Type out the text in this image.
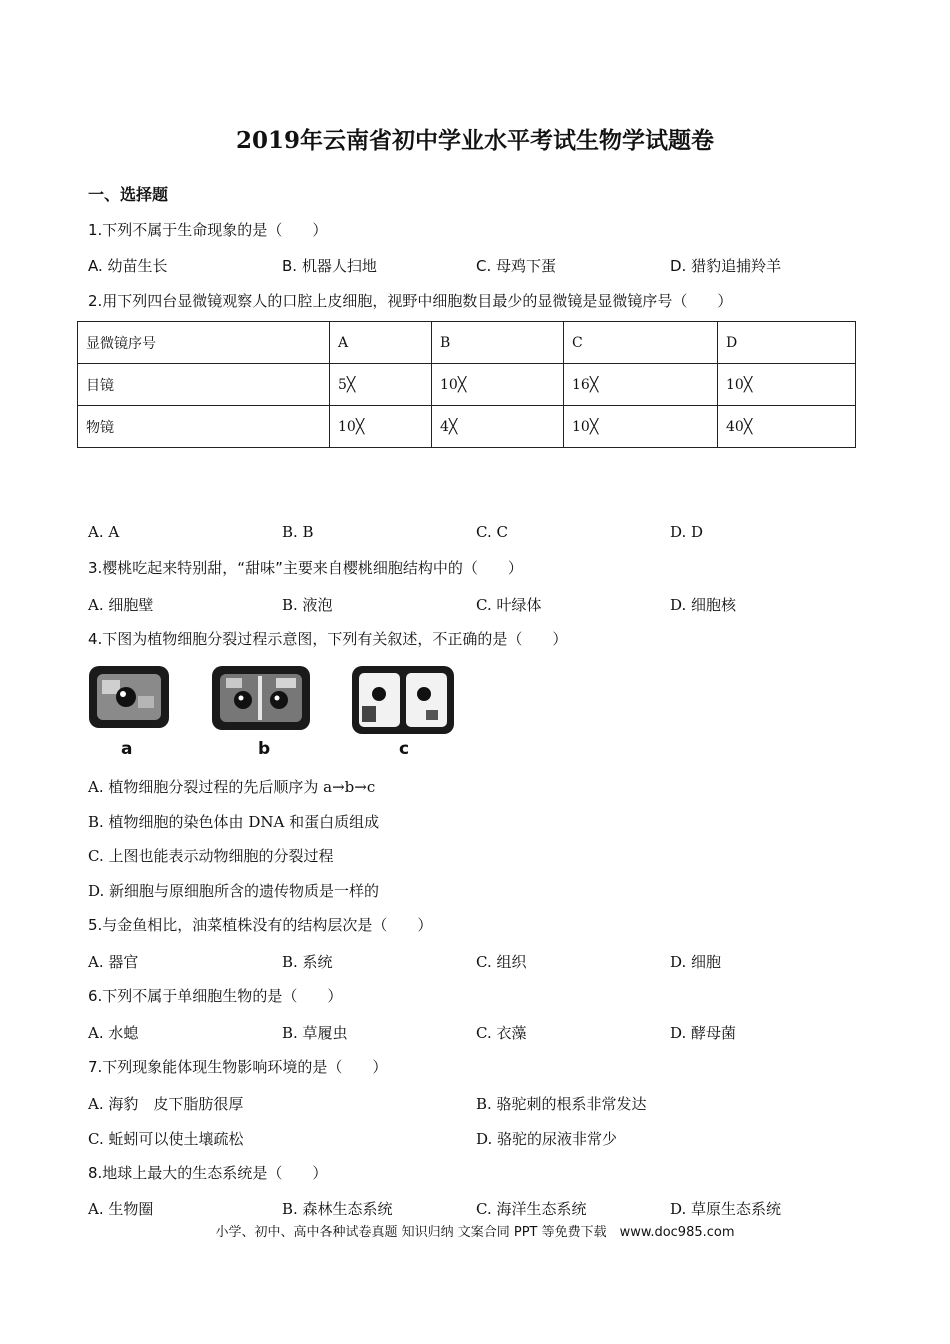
2019年云南省初中学业水平考试生物学试题卷
一、选择题
1.下列不属于生命现象的是（　　）
A. 幼苗生长	B. 机器人扫地	C. 母鸡下蛋	D. 猎豹追捕羚羊
2.用下列四台显微镜观察人的口腔上皮细胞，视野中细胞数目最少的显微镜是显微镜序号（　　）
显微镜序号	A	B	C	D
目镜	5╳	10╳	16╳	10╳
物镜	10╳	4╳	10╳	40╳
A. A	B. B	C. C	D. D
3.樱桃吃起来特别甜，“甜味”主要来自樱桃细胞结构中的（　　）
A. 细胞壁	B. 液泡	C. 叶绿体	D. 细胞核
4.下图为植物细胞分裂过程示意图，下列有关叙述，不正确的是（　　）
a	b	c
A. 植物细胞分裂过程的先后顺序为 a→b→c
B. 植物细胞的染色体由 DNA 和蛋白质组成
C. 上图也能表示动物细胞的分裂过程
D. 新细胞与原细胞所含的遗传物质是一样的
5.与金鱼相比，油菜植株没有的结构层次是（　　）
A. 器官	B. 系统	C. 组织	D. 细胞
6.下列不属于单细胞生物的是（　　）
A. 水螅	B. 草履虫	C. 衣藻	D. 酵母菌
7.下列现象能体现生物影响环境的是（　　）
A. 海豹　皮下脂肪很厚	B. 骆驼刺的根系非常发达
C. 蚯蚓可以使土壤疏松	D. 骆驼的尿液非常少
8.地球上最大的生态系统是（　　）
A. 生物圈	B. 森林生态系统	C. 海洋生态系统	D. 草原生态系统
小学、初中、高中各种试卷真题 知识归纳 文案合同 PPT 等免费下载　www.doc985.com
